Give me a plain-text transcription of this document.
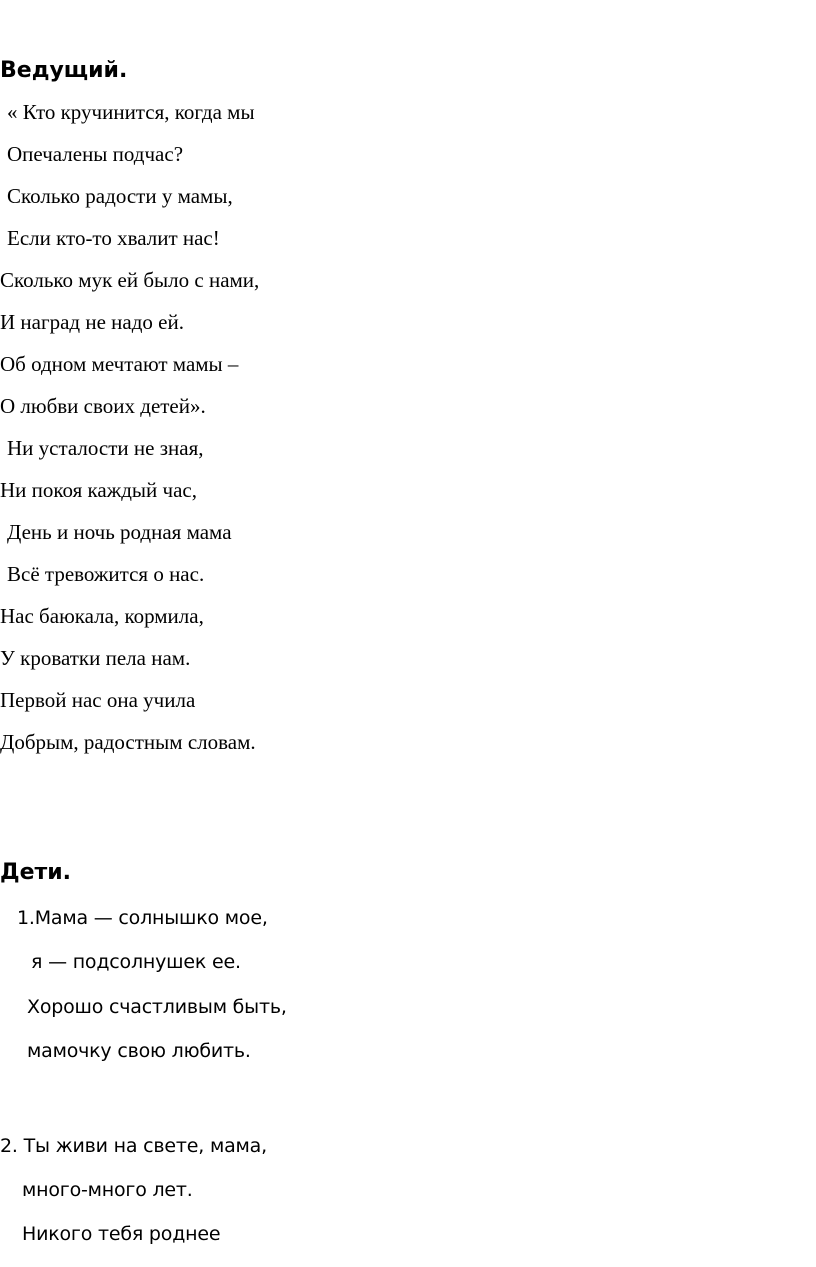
Ведущий.
« Кто кручинится, когда мы
Опечалены подчас?
Сколько радости у мамы,
Если кто-то хвалит нас!
Сколько мук ей было с нами,
И наград не надо ей.
Об одном мечтают мамы –
О любви своих детей».
Ни усталости не зная,
Ни покоя каждый час,
День и ночь родная мама
Всё тревожится о нас.
Нас баюкала, кормила,
У кроватки пела нам.
Первой нас она учила
Добрым, радостным словам.
Дети.
1.Мама — солнышко мое,
я — подсолнушек ее.
Хорошо счастливым быть,
мамочку свою любить.
2. Ты живи на свете, мама,
много-много лет.
Никого тебя роднее
